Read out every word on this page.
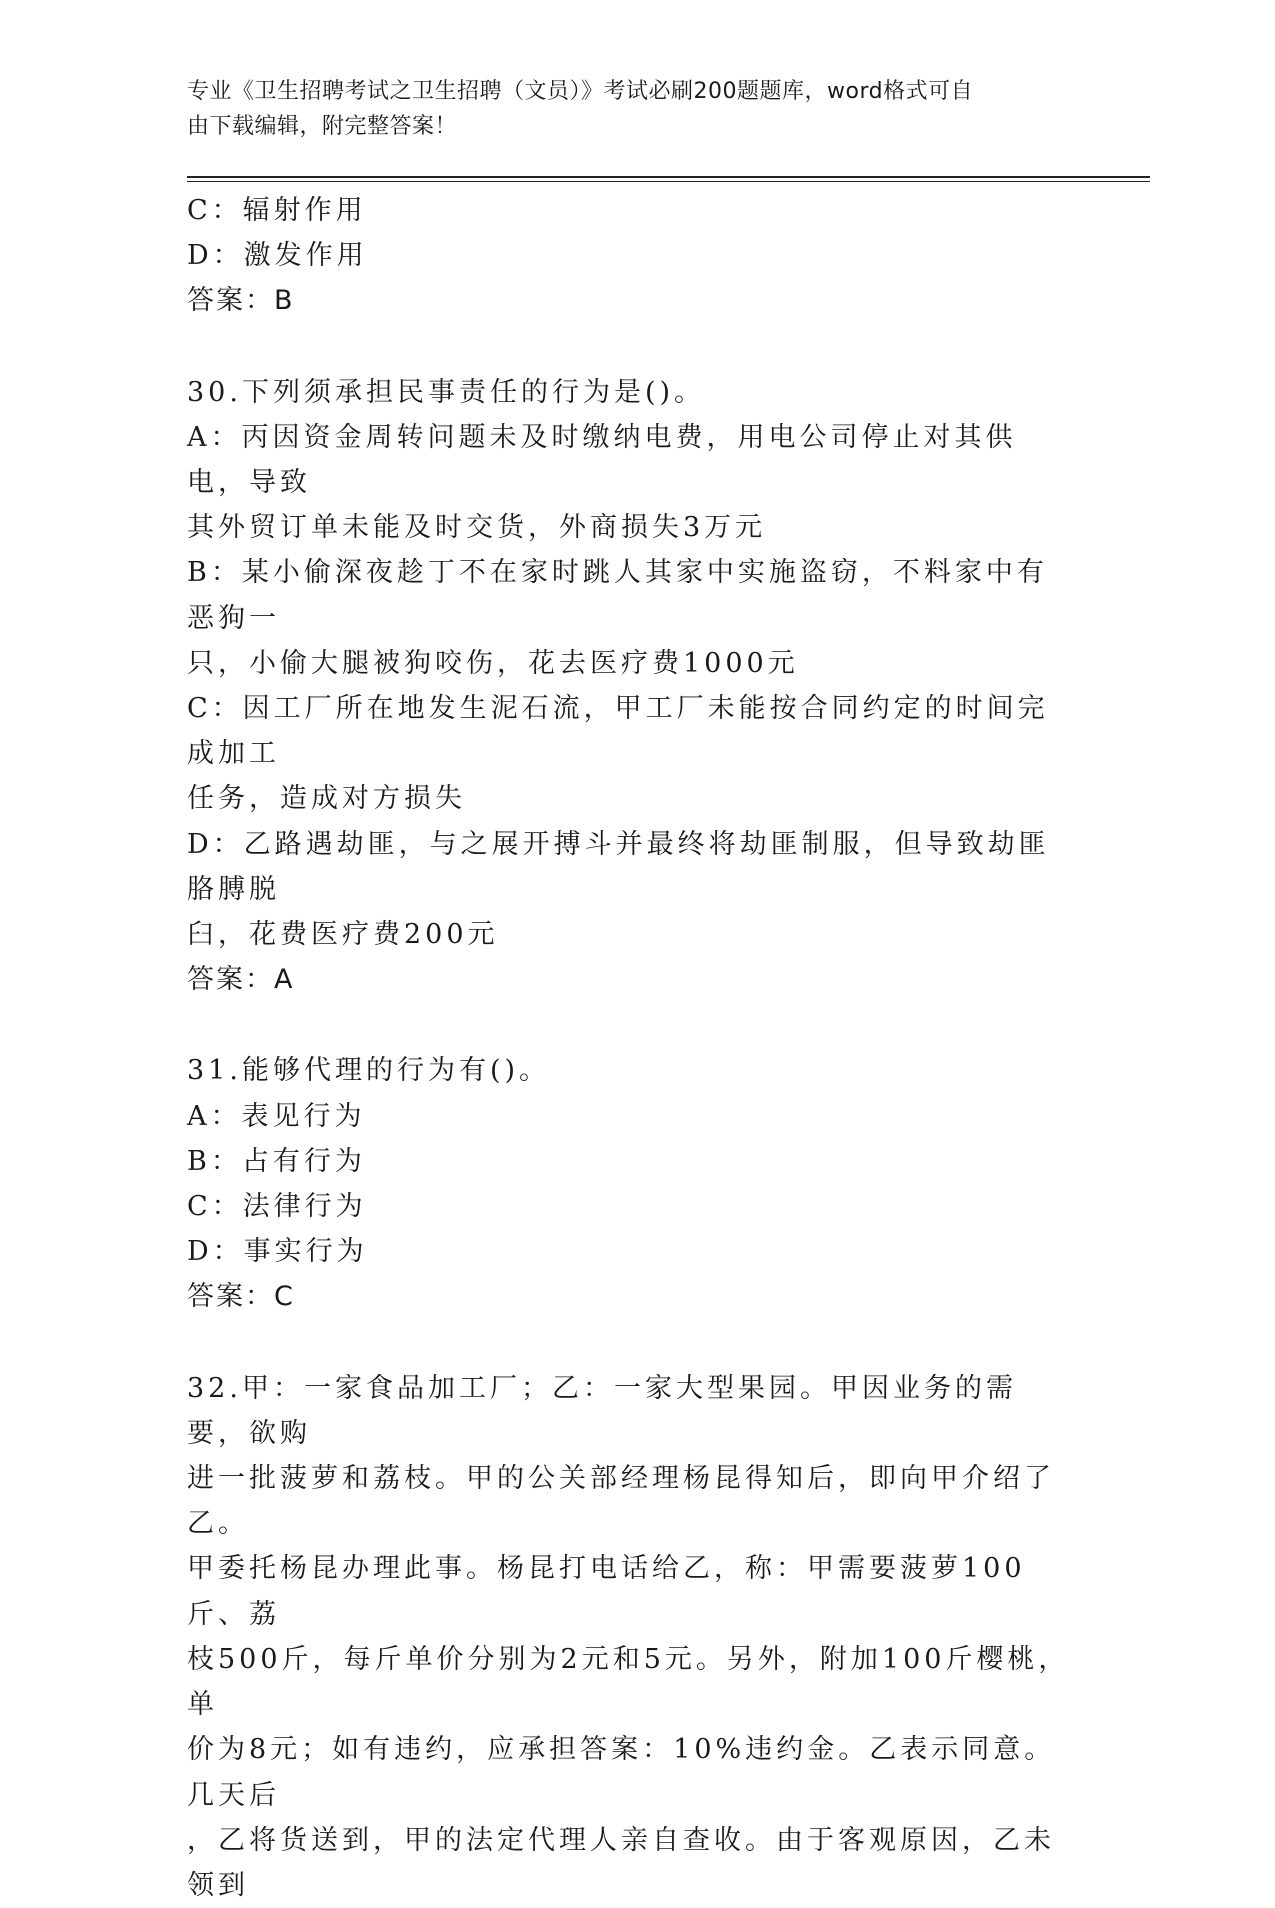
专业《卫生招聘考试之卫生招聘（文员）》考试必刷200题题库，word格式可自
由下载编辑，附完整答案！
C：辐射作用
D：激发作用
答案：B
30.下列须承担民事责任的行为是()。
A：丙因资金周转问题未及时缴纳电费，用电公司停止对其供电，导致
其外贸订单未能及时交货，外商损失3万元
B：某小偷深夜趁丁不在家时跳人其家中实施盗窃，不料家中有恶狗一
只，小偷大腿被狗咬伤，花去医疗费1000元
C：因工厂所在地发生泥石流，甲工厂未能按合同约定的时间完成加工
任务，造成对方损失
D：乙路遇劫匪，与之展开搏斗并最终将劫匪制服，但导致劫匪胳膊脱
臼，花费医疗费200元
答案：A
31.能够代理的行为有()。
A：表见行为
B：占有行为
C：法律行为
D：事实行为
答案：C
32.甲：一家食品加工厂；乙：一家大型果园。甲因业务的需要，欲购
进一批菠萝和荔枝。甲的公关部经理杨昆得知后，即向甲介绍了乙。
甲委托杨昆办理此事。杨昆打电话给乙，称：甲需要菠萝100斤、荔
枝500斤，每斤单价分别为2元和5元。另外，附加100斤樱桃，单
价为8元；如有违约，应承担答案：10%违约金。乙表示同意。几天后
，乙将货送到，甲的法定代理人亲自查收。由于客观原因，乙未领到
